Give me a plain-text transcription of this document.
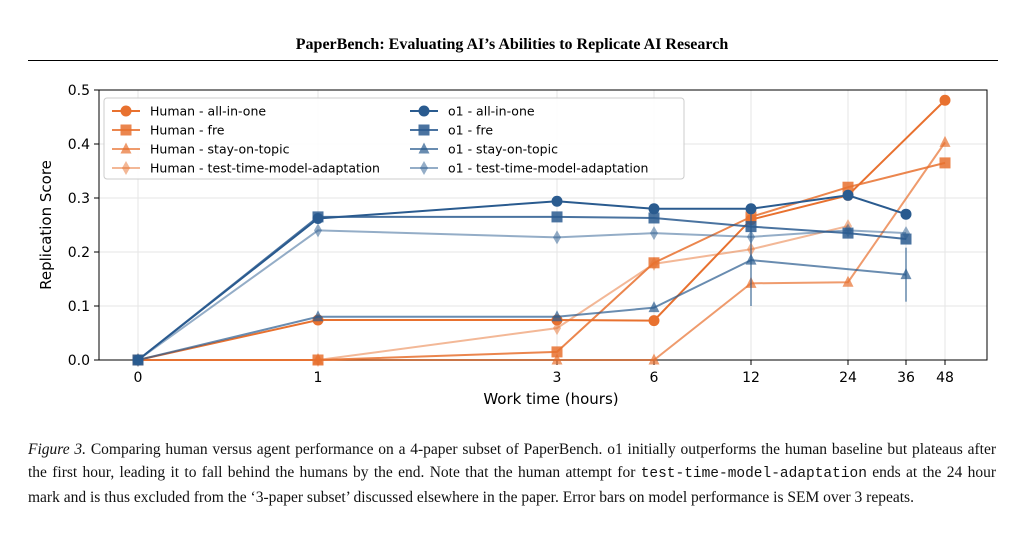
PaperBench: Evaluating AI’s Abilities to Replicate AI Research
0	1	3	6	12	24	36 48
0.0
0.1
0.2
0.3
0.4
0.5
Work time (hours)
Replication Score
Human - all-in-one
Human - fre
Human - stay-on-topic
Human - test-time-model-adaptation
o1 - all-in-one
o1 - fre
o1 - stay-on-topic
o1 - test-time-model-adaptation
Figure 3. Comparing human versus agent performance on a 4-paper subset of PaperBench. o1 initially outperforms the human baseline but plateaus after the first hour, leading it to fall behind the humans by the end. Note that the human attempt for test-time-model-adaptation ends at the 24 hour mark and is thus excluded from the ‘3-paper subset’ discussed elsewhere in the paper. Error bars on model performance is SEM over 3 repeats.
